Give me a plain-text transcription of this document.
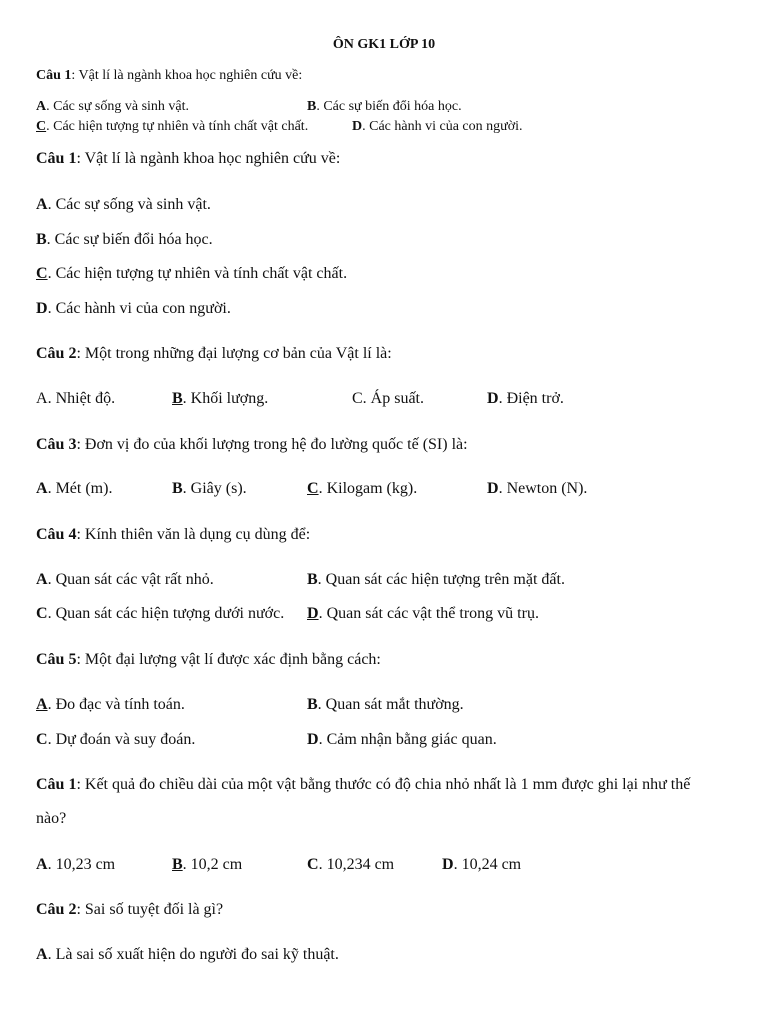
ÔN GK1 LỚP 10
Câu 1: Vật lí là ngành khoa học nghiên cứu về:
A. Các sự sống và sinh vật.	B. Các sự biến đổi hóa học.
C. Các hiện tượng tự nhiên và tính chất vật chất.	D. Các hành vi của con người.
Câu 1: Vật lí là ngành khoa học nghiên cứu về:
A. Các sự sống và sinh vật.
B. Các sự biến đổi hóa học.
C. Các hiện tượng tự nhiên và tính chất vật chất.
D. Các hành vi của con người.
Câu 2: Một trong những đại lượng cơ bản của Vật lí là:
A. Nhiệt độ.	B. Khối lượng.	C. Áp suất.	D. Điện trở.
Câu 3: Đơn vị đo của khối lượng trong hệ đo lường quốc tế (SI) là:
A. Mét (m).	B. Giây (s).	C. Kilogam (kg).	D. Newton (N).
Câu 4: Kính thiên văn là dụng cụ dùng để:
A. Quan sát các vật rất nhỏ.	B. Quan sát các hiện tượng trên mặt đất.
C. Quan sát các hiện tượng dưới nước. D. Quan sát các vật thể trong vũ trụ.
Câu 5: Một đại lượng vật lí được xác định bằng cách:
A. Đo đạc và tính toán.	B. Quan sát mắt thường.
C. Dự đoán và suy đoán.	D. Cảm nhận bằng giác quan.
Câu 1: Kết quả đo chiều dài của một vật bằng thước có độ chia nhỏ nhất là 1 mm được ghi lại như thế
nào?
A. 10,23 cm	B. 10,2 cm	C. 10,234 cm	D. 10,24 cm
Câu 2: Sai số tuyệt đối là gì?
A. Là sai số xuất hiện do người đo sai kỹ thuật.
